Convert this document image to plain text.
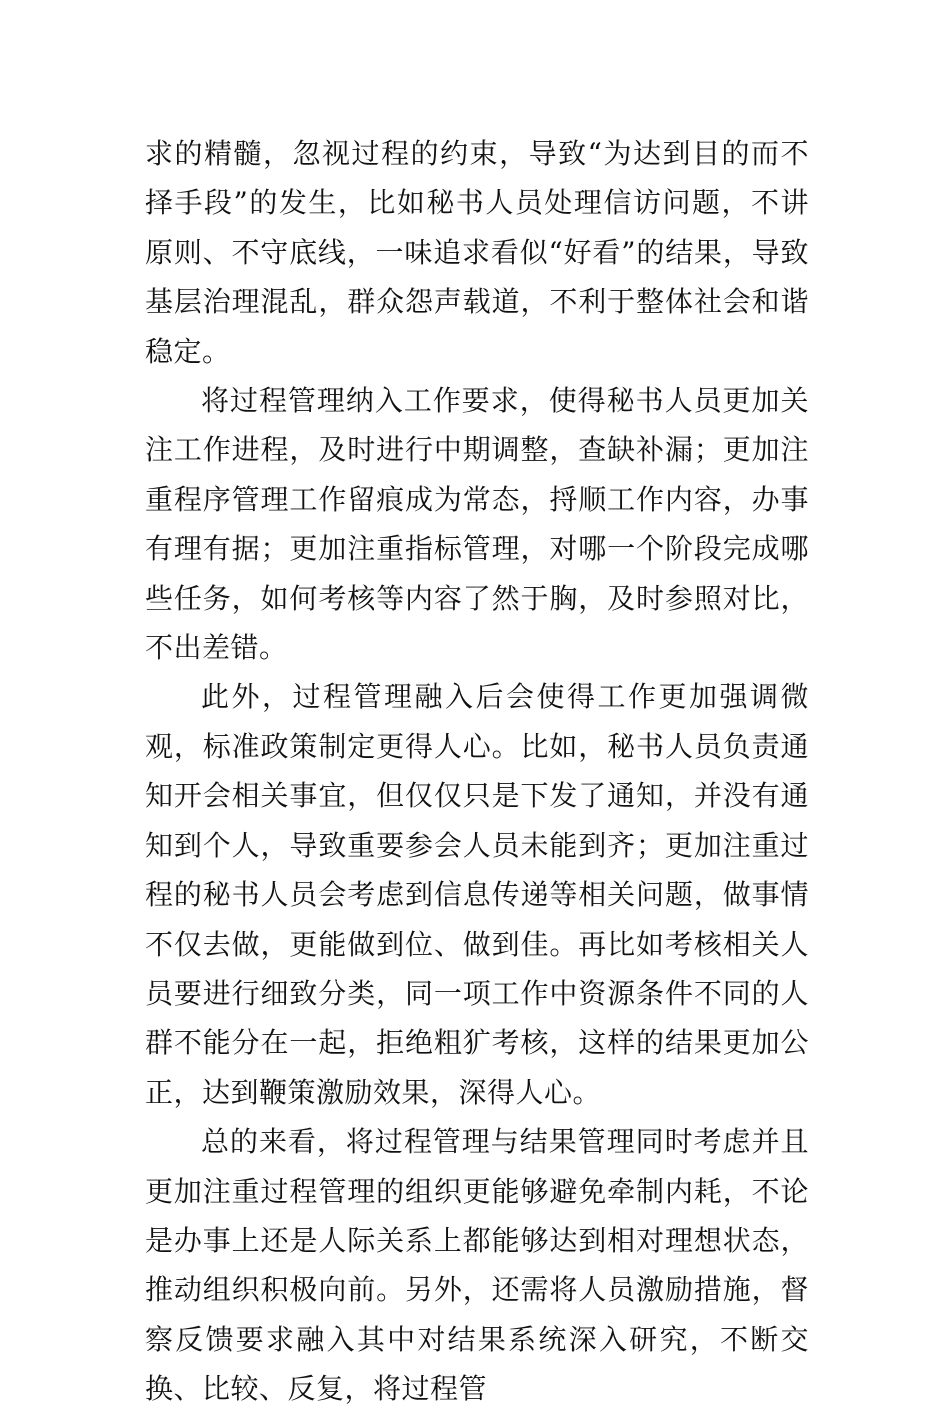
求的精髓，忽视过程的约束，导致“为达到目的而不择手段”的发生，比如秘书人员处理信访问题，不讲原则、不守底线，一味追求看似“好看”的结果，导致基层治理混乱，群众怨声载道，不利于整体社会和谐稳定。

将过程管理纳入工作要求，使得秘书人员更加关注工作进程，及时进行中期调整，查缺补漏；更加注重程序管理工作留痕成为常态，捋顺工作内容，办事有理有据；更加注重指标管理，对哪一个阶段完成哪些任务，如何考核等内容了然于胸，及时参照对比，不出差错。

此外，过程管理融入后会使得工作更加强调微观，标准政策制定更得人心。比如，秘书人员负责通知开会相关事宜，但仅仅只是下发了通知，并没有通知到个人，导致重要参会人员未能到齐；更加注重过程的秘书人员会考虑到信息传递等相关问题，做事情不仅去做，更能做到位、做到佳。再比如考核相关人员要进行细致分类，同一项工作中资源条件不同的人群不能分在一起，拒绝粗犷考核，这样的结果更加公正，达到鞭策激励效果，深得人心。

总的来看，将过程管理与结果管理同时考虑并且更加注重过程管理的组织更能够避免牵制内耗，不论是办事上还是人际关系上都能够达到相对理想状态，推动组织积极向前。另外，还需将人员激励措施，督察反馈要求融入其中对结果系统深入研究，不断交换、比较、反复，将过程管
